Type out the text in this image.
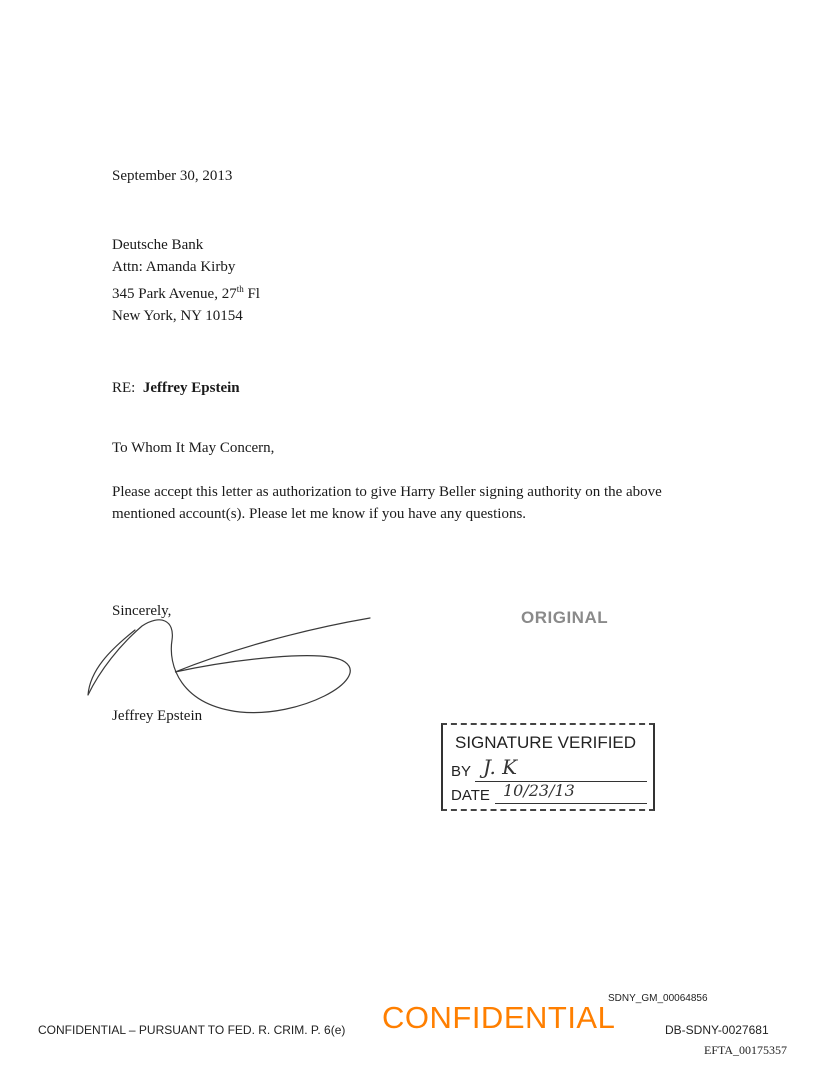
September 30, 2013
Deutsche Bank
Attn: Amanda Kirby
345 Park Avenue, 27th Fl
New York, NY 10154
RE: Jeffrey Epstein
To Whom It May Concern,
Please accept this letter as authorization to give Harry Beller signing authority on the above
mentioned account(s). Please let me know if you have any questions.
Sincerely,
Jeffrey Epstein
ORIGINAL
SIGNATURE VERIFIED
BY J. K
DATE 10/23/13
SDNY_GM_00064856
CONFIDENTIAL – PURSUANT TO FED. R. CRIM. P. 6(e) CONFIDENTIAL	DB-SDNY-0027681
EFTA_00175357
